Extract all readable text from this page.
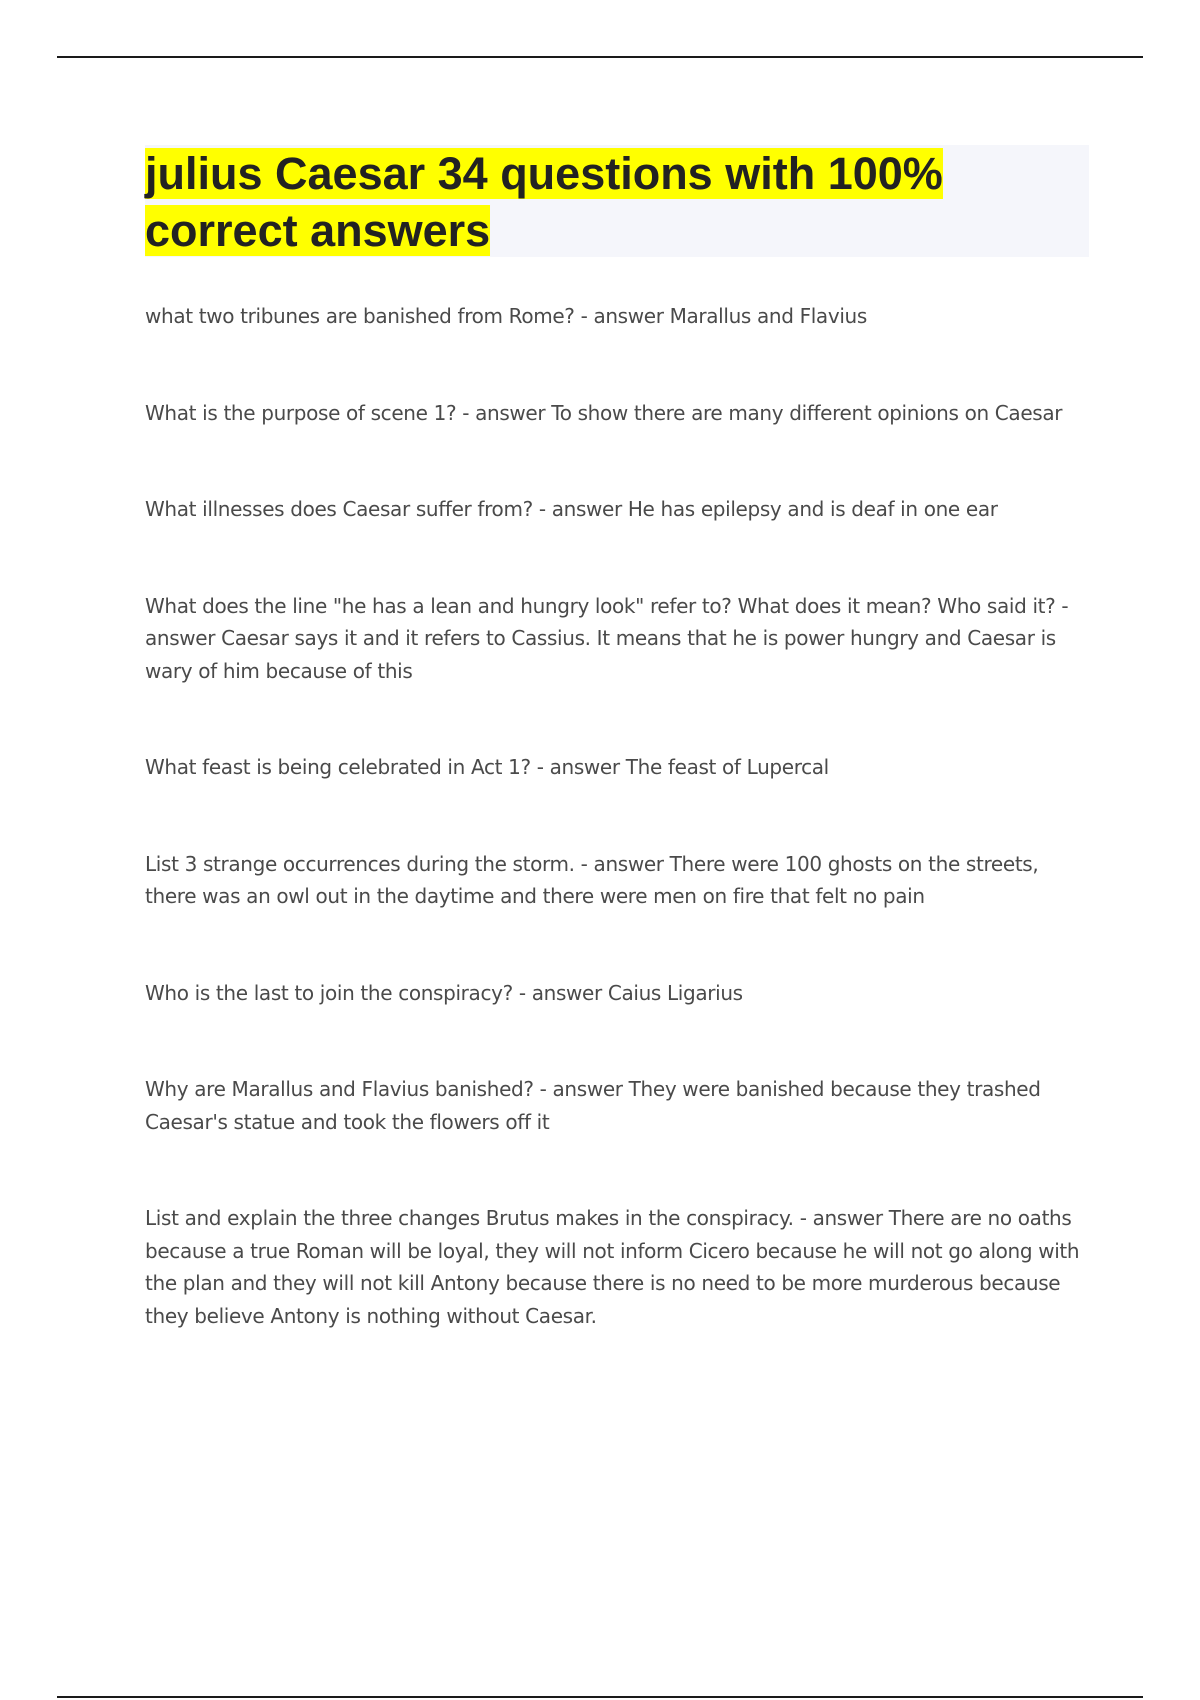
julius Caesar 34 questions with 100%
correct answers
what two tribunes are banished from Rome? - answer Marallus and Flavius
What is the purpose of scene 1? - answer To show there are many different opinions on Caesar
What illnesses does Caesar suffer from? - answer He has epilepsy and is deaf in one ear
What does the line "he has a lean and hungry look" refer to? What does it mean? Who said it? - answer Caesar says it and it refers to Cassius. It means that he is power hungry and Caesar is wary of him because of this
What feast is being celebrated in Act 1? - answer The feast of Lupercal
List 3 strange occurrences during the storm. - answer There were 100 ghosts on the streets, there was an owl out in the daytime and there were men on fire that felt no pain
Who is the last to join the conspiracy? - answer Caius Ligarius
Why are Marallus and Flavius banished? - answer They were banished because they trashed Caesar's statue and took the flowers off it
List and explain the three changes Brutus makes in the conspiracy. - answer There are no oaths because a true Roman will be loyal, they will not inform Cicero because he will not go along with the plan and they will not kill Antony because there is no need to be more murderous because they believe Antony is nothing without Caesar.
